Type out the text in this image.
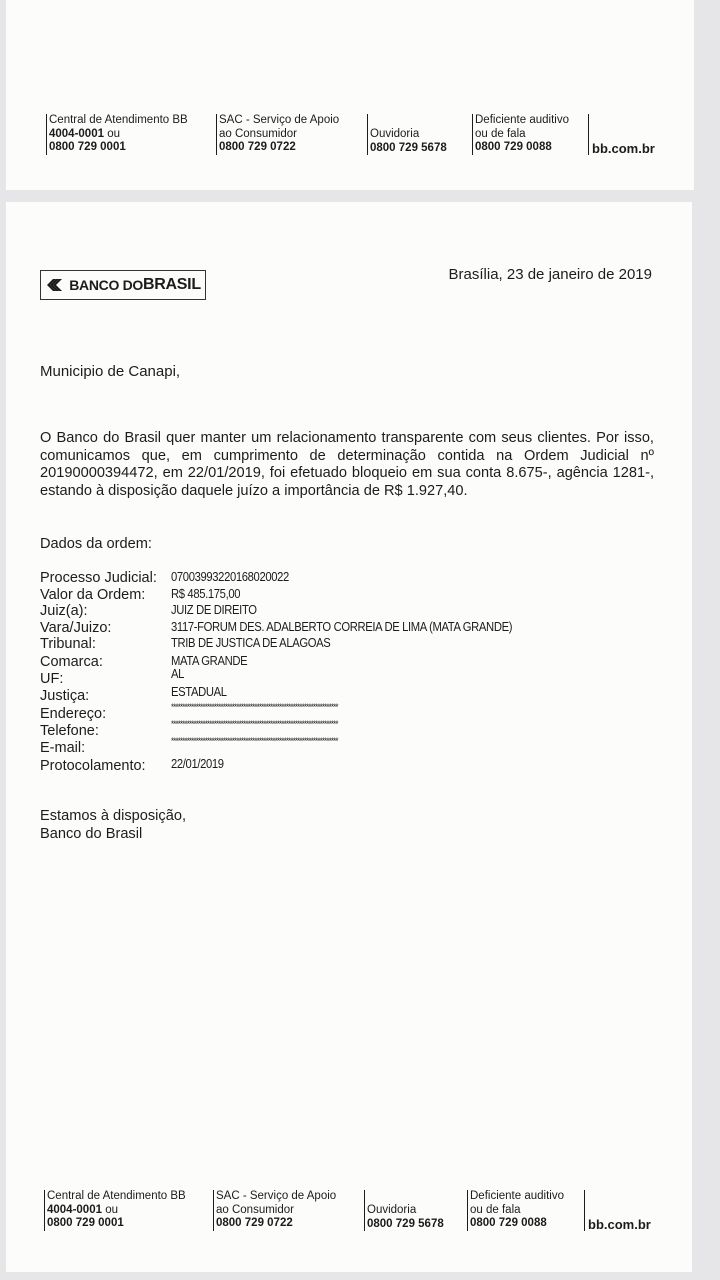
Central de Atendimento BB
4004-0001 ou
0800 729 0001
SAC - Serviço de Apoio
ao Consumidor
0800 729 0722
Ouvidoria
0800 729 5678
Deficiente auditivo
ou de fala
0800 729 0088	bb.com.br
BANCO DO BRASIL
Brasília, 23 de janeiro de 2019
Municipio de Canapi,
O Banco do Brasil quer manter um relacionamento transparente com seus clientes. Por isso, comunicamos que, em cumprimento de determinação contida na Ordem Judicial nº 20190000394472, em 22/01/2019, foi efetuado bloqueio em sua conta 8.675-, agência 1281-, estando à disposição daquele juízo a importância de R$ 1.927,40.
Dados da ordem:
Processo Judicial: 07003993220168020022
Valor da Ordem: R$ 485.175,00
Juiz(a):	JUIZ DE DIREITO
Vara/Juizo:	3117-FORUM DES. ADALBERTO CORREIA DE LIMA (MATA GRANDE)
Tribunal:	TRIB DE JUSTICA DE ALAGOAS
Comarca:	MATA GRANDE
UF:	AL
Justiça:	ESTADUAL
Endereço:	**************************************************************************
Telefone:	**************************************************************************
E-mail:	**************************************************************************
Protocolamento: 22/01/2019
Estamos à disposição,
Banco do Brasil
Central de Atendimento BB
4004-0001 ou
0800 729 0001
SAC - Serviço de Apoio
ao Consumidor
0800 729 0722
Ouvidoria
0800 729 5678
Deficiente auditivo
ou de fala
0800 729 0088	bb.com.br
